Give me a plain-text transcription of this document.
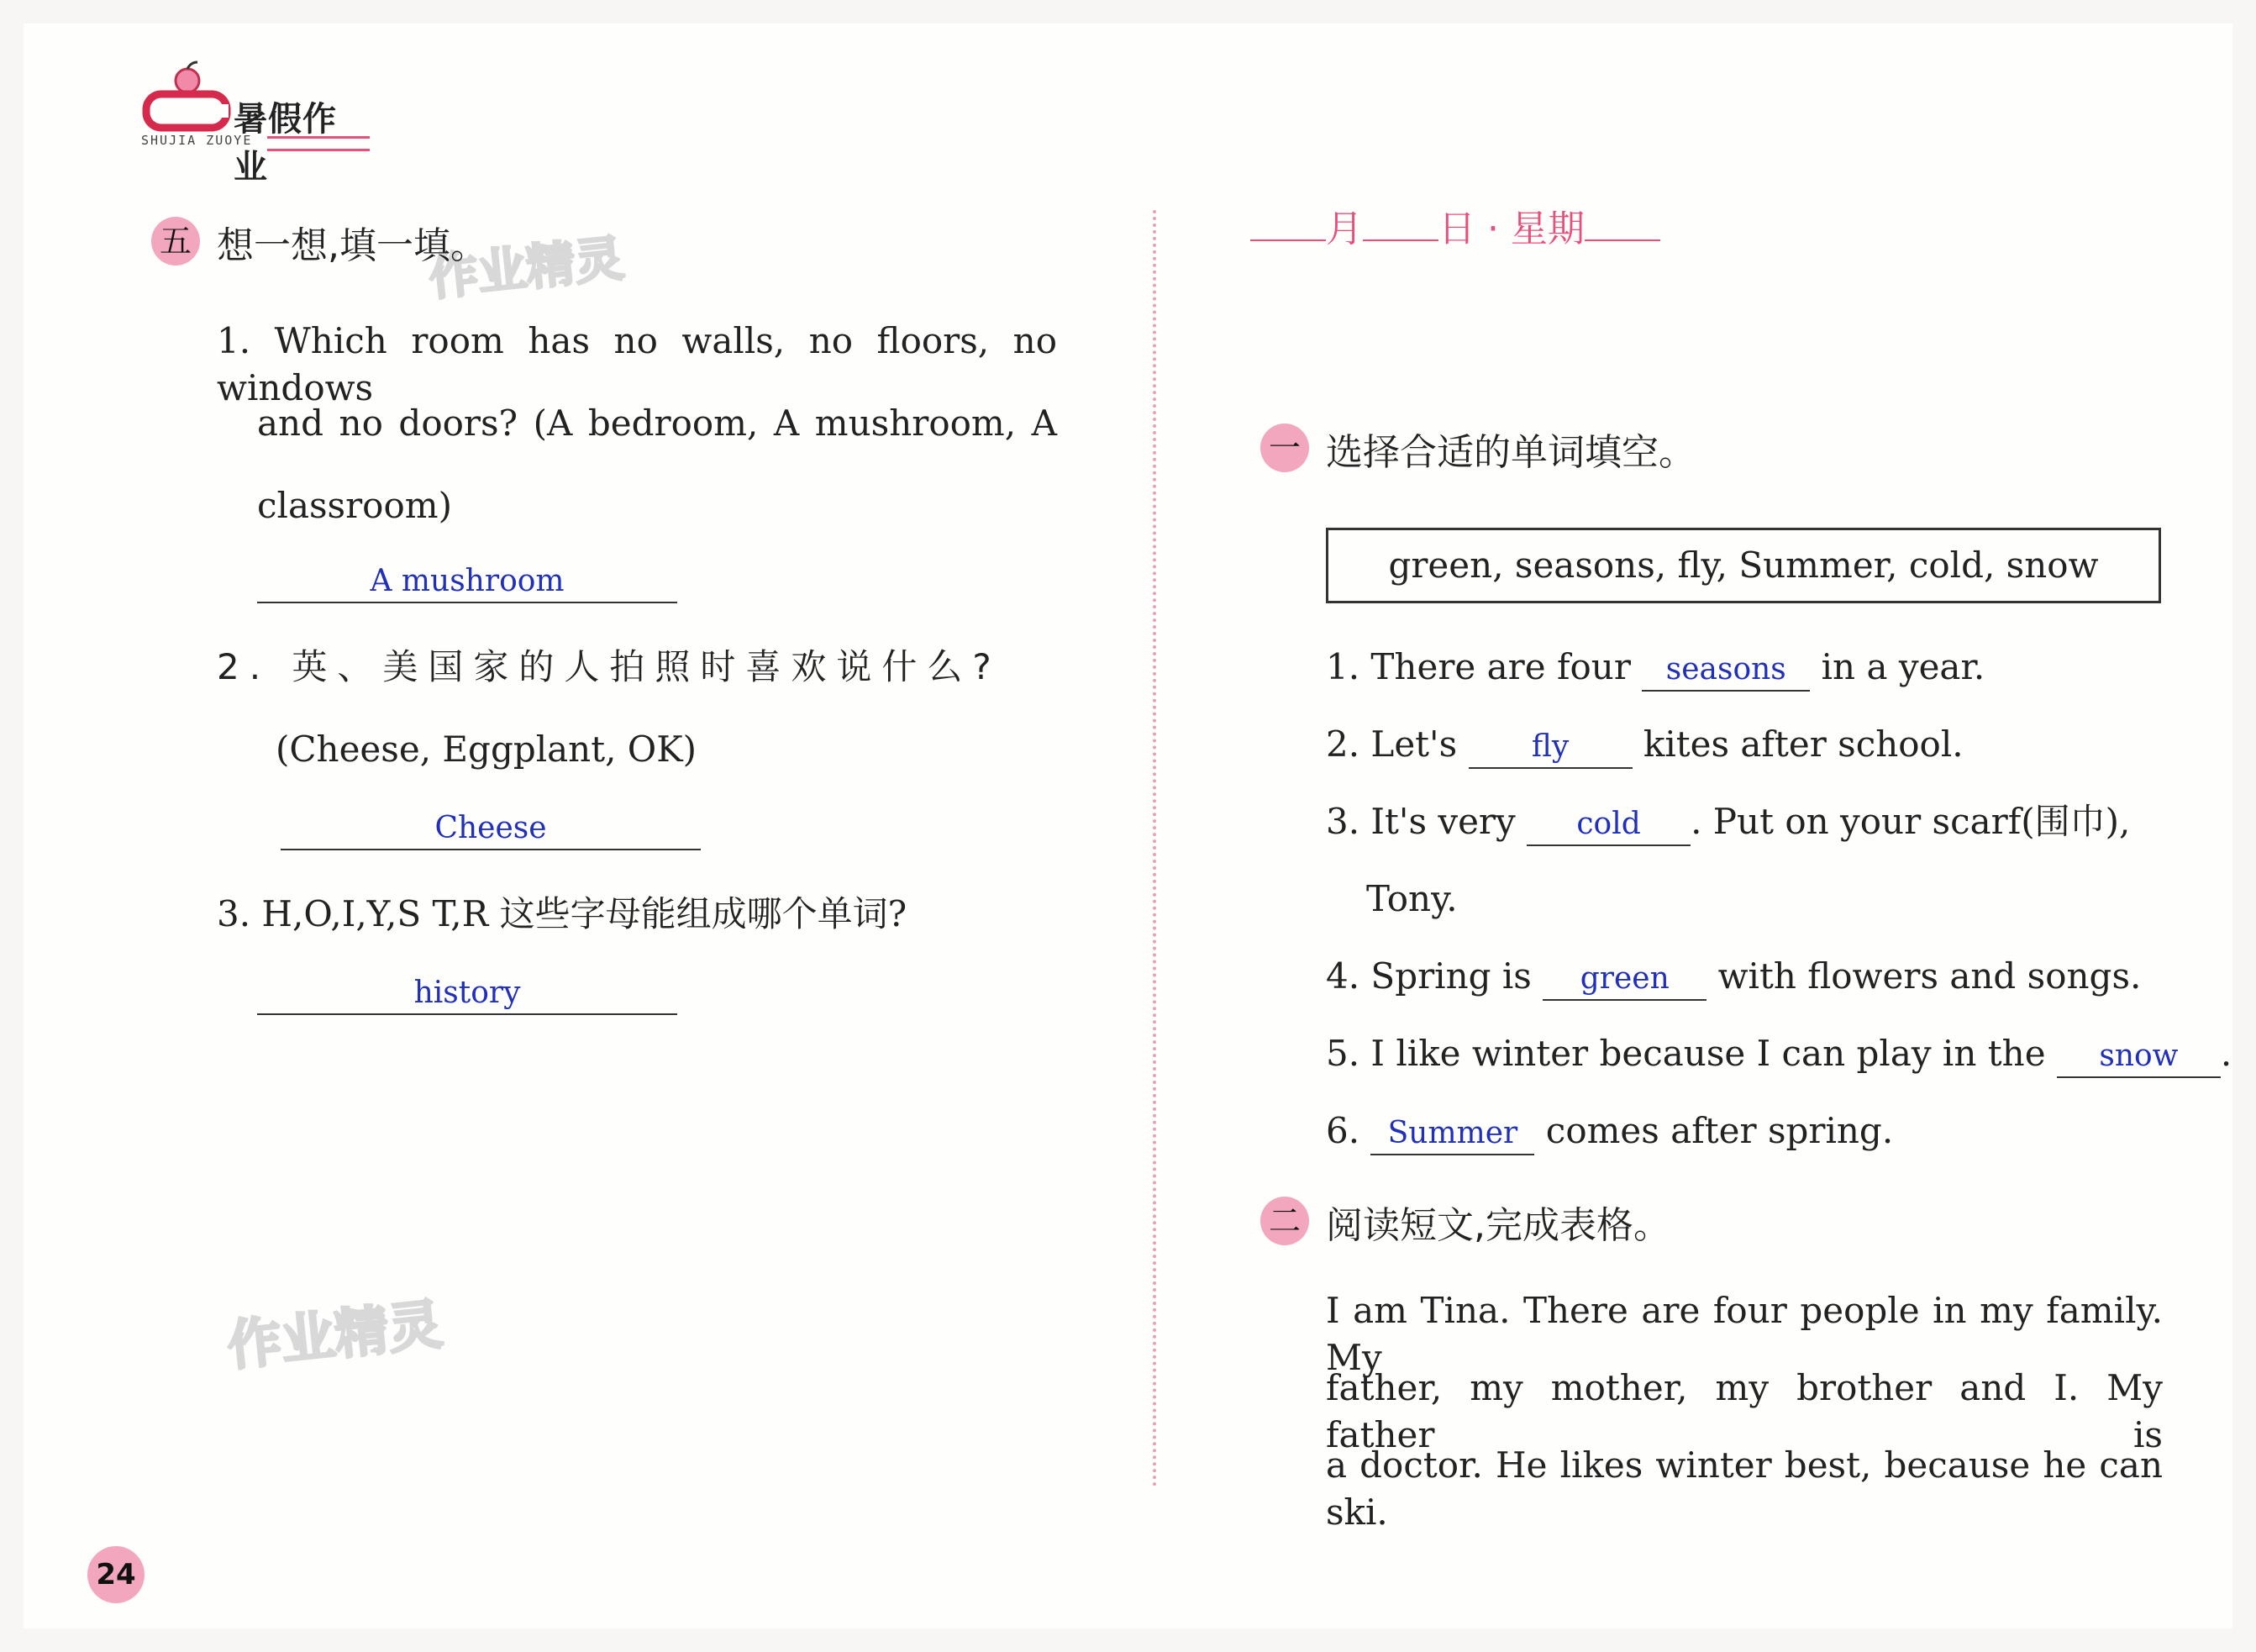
暑假作业
SHUJIA ZUOYE
作业精灵
作业精灵
五 想一想,填一填。
1. Which room has no walls, no floors, no windows
and no doors? (A bedroom, A mushroom, A
classroom)
A mushroom
2. 英、美国家的人拍照时喜欢说什么?
(Cheese, Eggplant, OK)
Cheese
3. H,O,I,Y,S T,R 这些字母能组成哪个单词?
history
月 日 · 星期
一 选择合适的单词填空。
green, seasons, fly, Summer, cold, snow
1. There are four seasons in a year.
2. Let's fly kites after school.
3. It's very cold . Put on your scarf(围巾),
Tony.
4. Spring is green with flowers and songs.
5. I like winter because I can play in the snow .
6. Summer comes after spring.
二 阅读短文,完成表格。
I am Tina. There are four people in my family. My
father, my mother, my brother and I. My father is
a doctor. He likes winter best, because he can ski.
24
